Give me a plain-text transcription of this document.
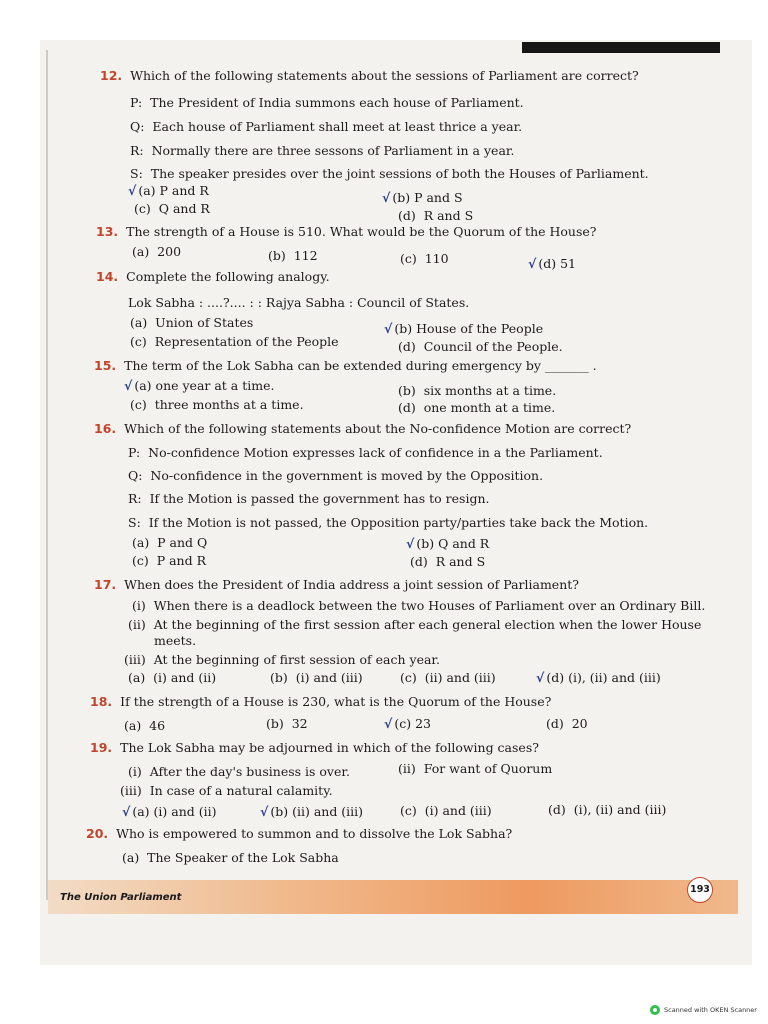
12. Which of the following statements about the sessions of Parliament are correct?
P: The President of India summons each house of Parliament.
Q: Each house of Parliament shall meet at least thrice a year.
R: Normally there are three sessons of Parliament in a year.
S: The speaker presides over the joint sessions of both the Houses of Parliament.
√ (a) P and R	√ (b) P and S
(c) Q and R	(d) R and S
13. The strength of a House is 510. What would be the Quorum of the House?
(a) 200	(b) 112	(c) 110	√ (d) 51
14. Complete the following analogy.
Lok Sabha : ....?.... : : Rajya Sabha : Council of States.
(a) Union of States	√ (b) House of the People
(c) Representation of the People	(d) Council of the People.
15. The term of the Lok Sabha can be extended during emergency by _______ .
√ (a) one year at a time.	(b) six months at a time.
(c) three months at a time.	(d) one month at a time.
16. Which of the following statements about the No-confidence Motion are correct?
P: No-confidence Motion expresses lack of confidence in a the Parliament.
Q: No-confidence in the government is moved by the Opposition.
R: If the Motion is passed the government has to resign.
S: If the Motion is not passed, the Opposition party/parties take back the Motion.
(a) P and Q	√ (b) Q and R
(c) P and R	(d) R and S
17. When does the President of India address a joint session of Parliament?
(i) When there is a deadlock between the two Houses of Parliament over an Ordinary Bill.
(ii) At the beginning of the first session after each general election when the lower House
meets.
(iii) At the beginning of first session of each year.
(a) (i) and (ii)	(b) (i) and (iii)	(c) (ii) and (iii)	√ (d) (i), (ii) and (iii)
18. If the strength of a House is 230, what is the Quorum of the House?
(a) 46	(b) 32	√ (c) 23	(d) 20
19. The Lok Sabha may be adjourned in which of the following cases?
(i) After the day's business is over.	(ii) For want of Quorum
(iii) In case of a natural calamity.
√ (a) (i) and (ii)	√ (b) (ii) and (iii)	(c) (i) and (iii)	(d) (i), (ii) and (iii)
20. Who is empowered to summon and to dissolve the Lok Sabha?
(a) The Speaker of the Lok Sabha
The Union Parliament
193
Scanned with OKEN Scanner
